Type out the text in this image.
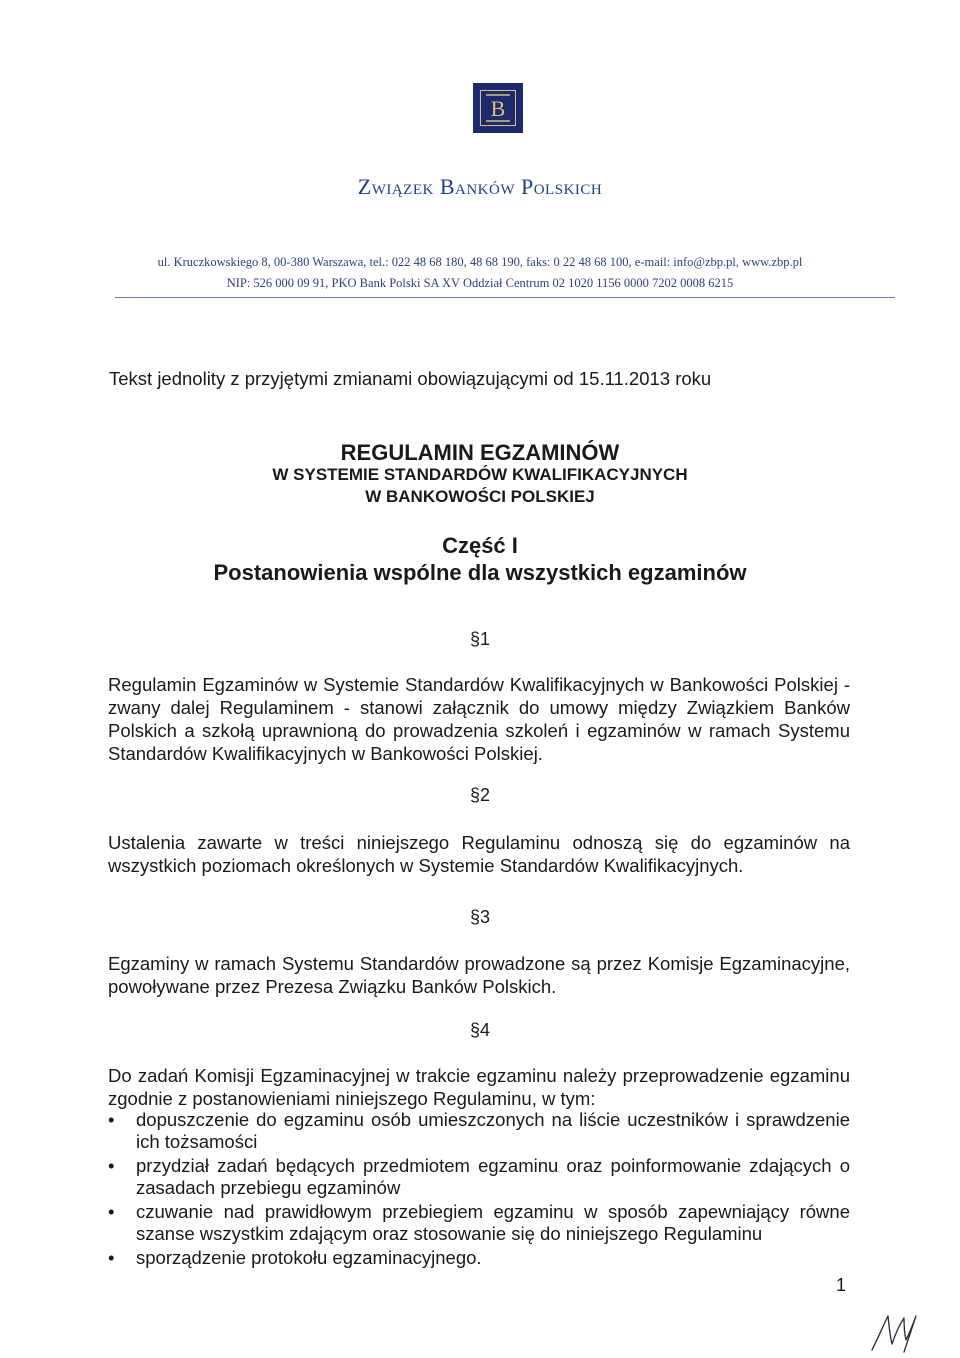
B
Związek Banków Polskich
ul. Kruczkowskiego 8, 00-380 Warszawa, tel.: 022 48 68 180, 48 68 190, faks: 0 22 48 68 100, e-mail: info@zbp.pl, www.zbp.pl
NIP: 526 000 09 91, PKO Bank Polski SA XV Oddział Centrum 02 1020 1156 0000 7202 0008 6215
Tekst jednolity z przyjętymi zmianami obowiązującymi od 15.11.2013 roku
REGULAMIN EGZAMINÓW
W SYSTEMIE STANDARDÓW KWALIFIKACYJNYCH
W BANKOWOŚCI POLSKIEJ
Część I
Postanowienia wspólne dla wszystkich egzaminów
§1
Regulamin Egzaminów w Systemie Standardów Kwalifikacyjnych w Bankowości Polskiej - zwany dalej Regulaminem - stanowi załącznik do umowy między Związkiem Banków Polskich a szkołą uprawnioną do prowadzenia szkoleń i egzaminów w ramach Systemu Standardów Kwalifikacyjnych w Bankowości Polskiej.
§2
Ustalenia zawarte w treści niniejszego Regulaminu odnoszą się do egzaminów na wszystkich poziomach określonych w Systemie Standardów Kwalifikacyjnych.
§3
Egzaminy w ramach Systemu Standardów prowadzone są przez Komisje Egzaminacyjne, powoływane przez Prezesa Związku Banków Polskich.
§4
Do zadań Komisji Egzaminacyjnej w trakcie egzaminu należy przeprowadzenie egzaminu zgodnie z postanowieniami niniejszego Regulaminu, w tym:
• dopuszczenie do egzaminu osób umieszczonych na liście uczestników i sprawdzenie ich tożsamości
• przydział zadań będących przedmiotem egzaminu oraz poinformowanie zdających o zasadach przebiegu egzaminów
• czuwanie nad prawidłowym przebiegiem egzaminu w sposób zapewniający równe szanse wszystkim zdającym oraz stosowanie się do niniejszego Regulaminu
• sporządzenie protokołu egzaminacyjnego.
1
